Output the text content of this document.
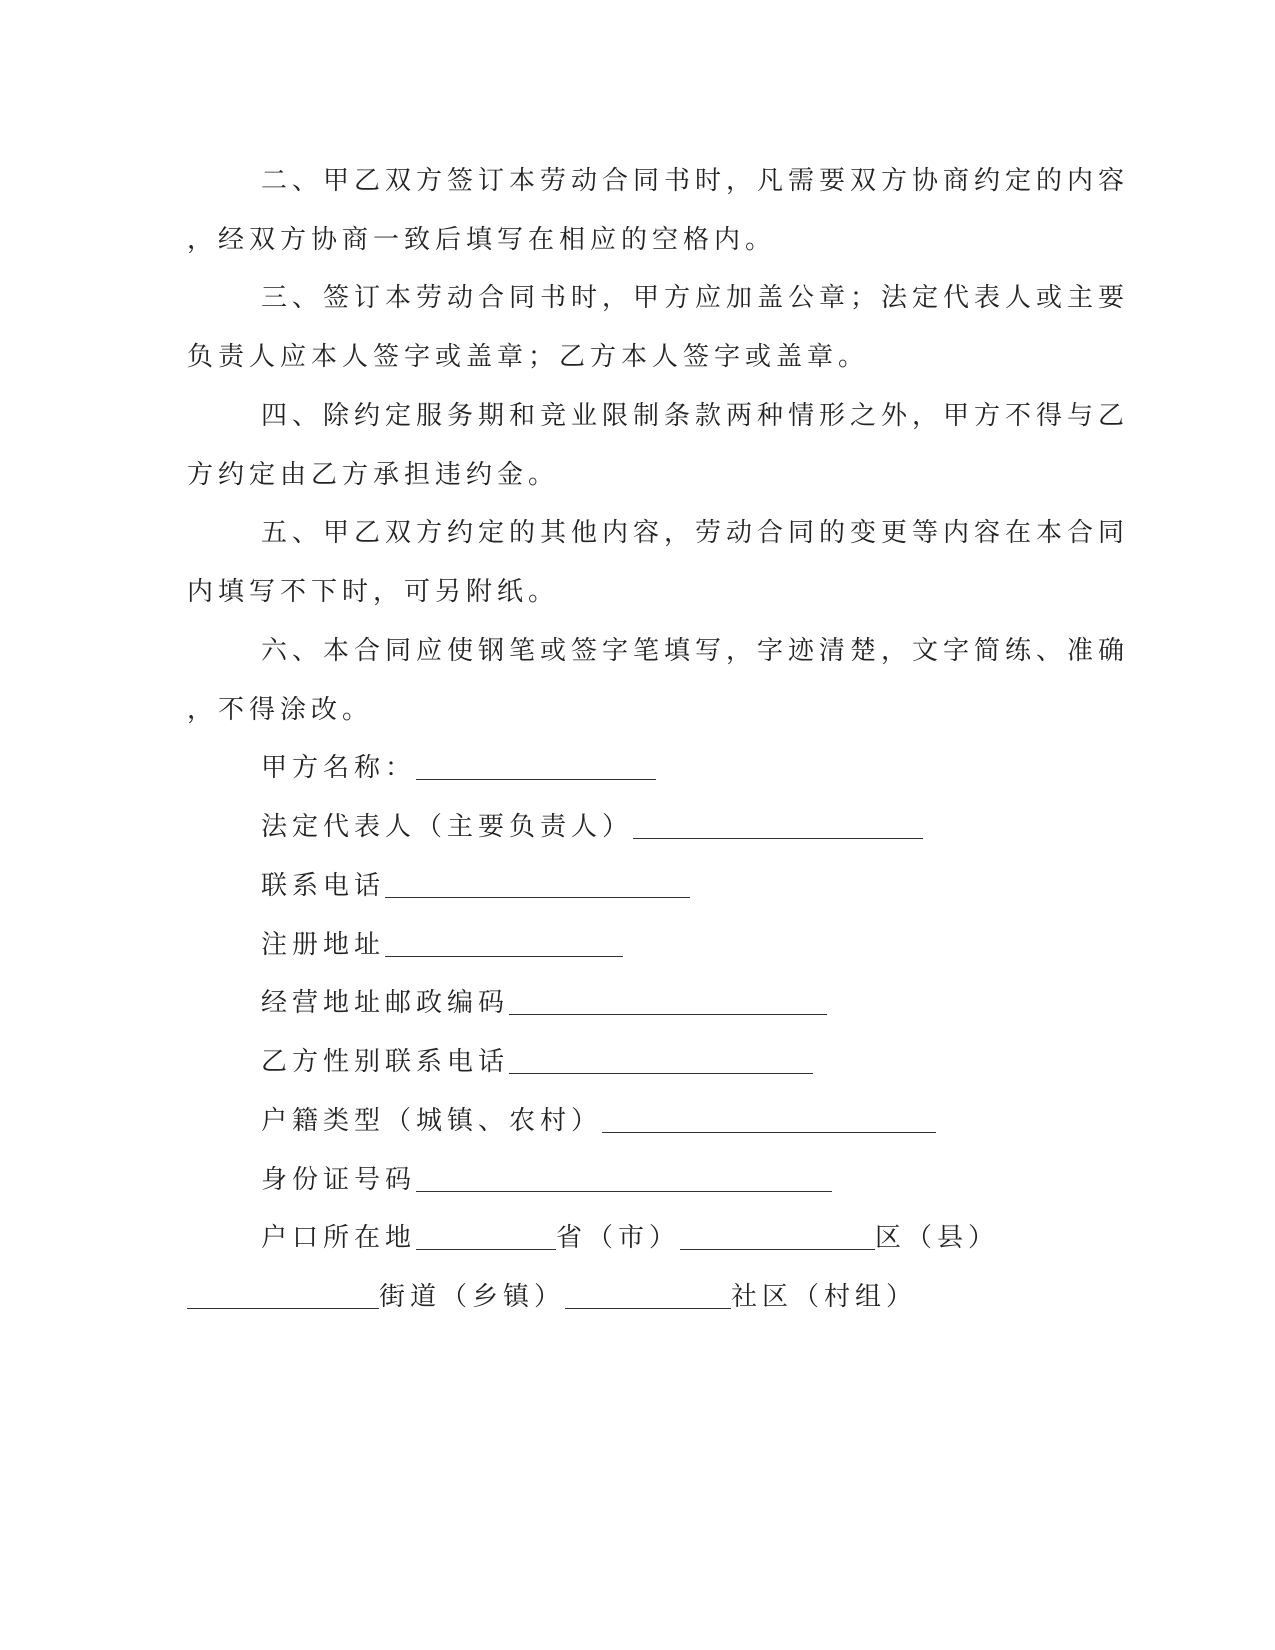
二、甲乙双方签订本劳动合同书时，凡需要双方协商约定的内容
，经双方协商一致后填写在相应的空格内。
三、签订本劳动合同书时，甲方应加盖公章；法定代表人或主要
负责人应本人签字或盖章；乙方本人签字或盖章。
四、除约定服务期和竞业限制条款两种情形之外，甲方不得与乙
方约定由乙方承担违约金。
五、甲乙双方约定的其他内容，劳动合同的变更等内容在本合同
内填写不下时，可另附纸。
六、本合同应使钢笔或签字笔填写，字迹清楚，文字简练、准确
，不得涂改。
甲方名称：
法定代表人（主要负责人）
联系电话
注册地址
经营地址邮政编码
乙方性别联系电话
户籍类型（城镇、农村）
身份证号码
户口所在地	省（市）	区（县）
街道（乡镇）	社区（村组）
